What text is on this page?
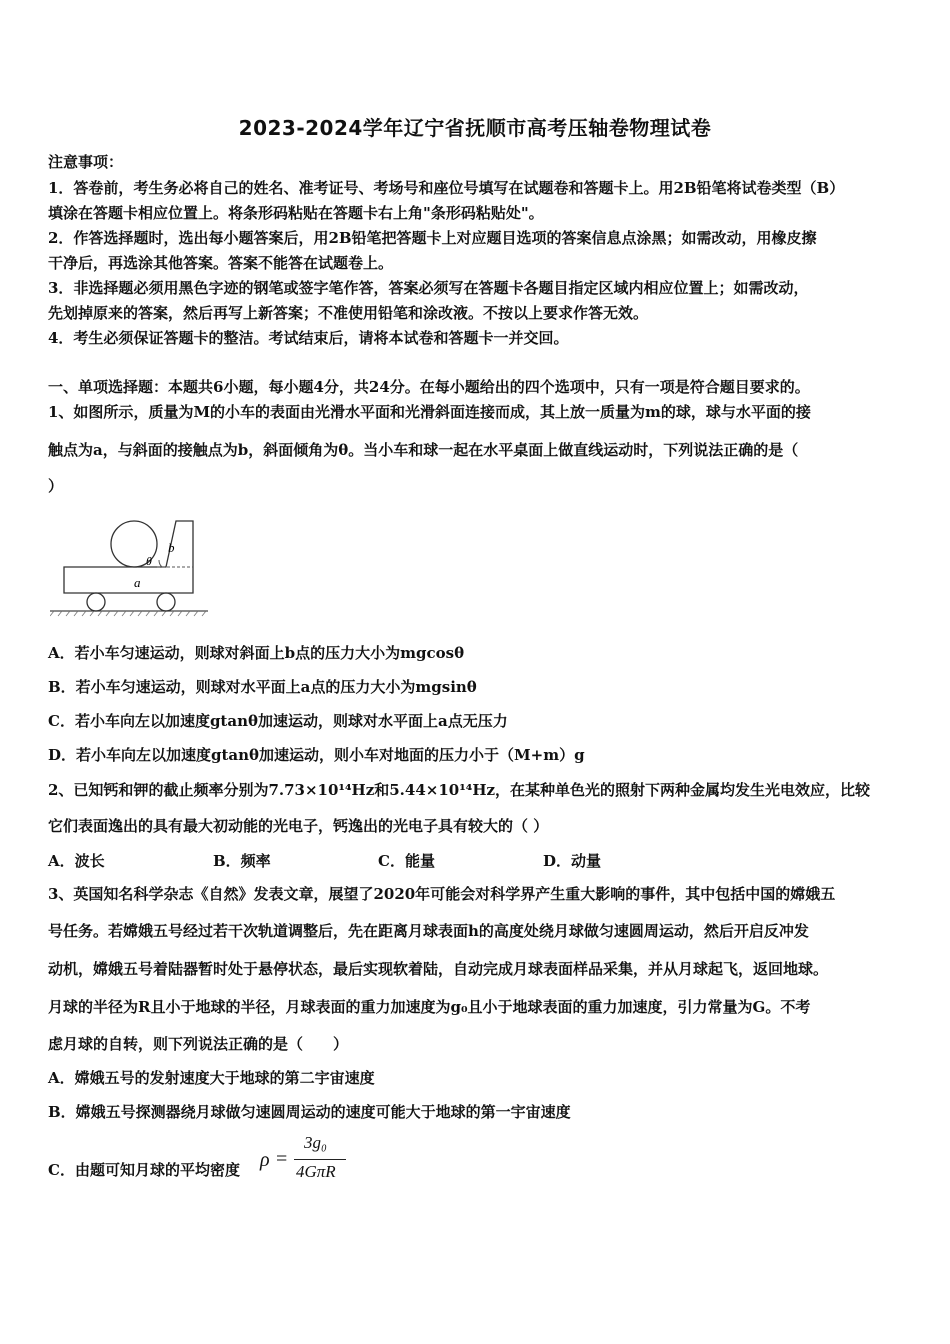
2023-2024学年辽宁省抚顺市高考压轴卷物理试卷
注意事项：
1．答卷前，考生务必将自己的姓名、准考证号、考场号和座位号填写在试题卷和答题卡上。用2B铅笔将试卷类型（B）
填涂在答题卡相应位置上。将条形码粘贴在答题卡右上角"条形码粘贴处"。
2．作答选择题时，选出每小题答案后，用2B铅笔把答题卡上对应题目选项的答案信息点涂黑；如需改动，用橡皮擦
干净后，再选涂其他答案。答案不能答在试题卷上。
3．非选择题必须用黑色字迹的钢笔或签字笔作答，答案必须写在答题卡各题目指定区域内相应位置上；如需改动，
先划掉原来的答案，然后再写上新答案；不准使用铅笔和涂改液。不按以上要求作答无效。
4．考生必须保证答题卡的整洁。考试结束后，请将本试卷和答题卡一并交回。
一、单项选择题：本题共6小题，每小题4分，共24分。在每小题给出的四个选项中，只有一项是符合题目要求的。
1、如图所示，质量为M的小车的表面由光滑水平面和光滑斜面连接而成，其上放一质量为m的球，球与水平面的接
触点为a，与斜面的接触点为b，斜面倾角为θ。当小车和球一起在水平桌面上做直线运动时，下列说法正确的是（
）
b
θ
a
A．若小车匀速运动，则球对斜面上b点的压力大小为mgcosθ
B．若小车匀速运动，则球对水平面上a点的压力大小为mgsinθ
C．若小车向左以加速度gtanθ加速运动，则球对水平面上a点无压力
D．若小车向左以加速度gtanθ加速运动，则小车对地面的压力小于（M+m）g
2、已知钙和钾的截止频率分别为7.73×10¹⁴Hz和5.44×10¹⁴Hz，在某种单色光的照射下两种金属均发生光电效应，比较
它们表面逸出的具有最大初动能的光电子，钙逸出的光电子具有较大的（ ）
A．波长	B．频率	C．能量	D．动量
3、英国知名科学杂志《自然》发表文章，展望了2020年可能会对科学界产生重大影响的事件，其中包括中国的嫦娥五
号任务。若嫦娥五号经过若干次轨道调整后，先在距离月球表面h的高度处绕月球做匀速圆周运动，然后开启反冲发
动机，嫦娥五号着陆器暂时处于悬停状态，最后实现软着陆，自动完成月球表面样品采集，并从月球起飞，返回地球。
月球的半径为R且小于地球的半径，月球表面的重力加速度为g₀且小于地球表面的重力加速度，引力常量为G。不考
虑月球的自转，则下列说法正确的是（　　）
A．嫦娥五号的发射速度大于地球的第二宇宙速度
B．嫦娥五号探测器绕月球做匀速圆周运动的速度可能大于地球的第一宇宙速度
C．由题可知月球的平均密度 ρ =
3g₀
4GπR
